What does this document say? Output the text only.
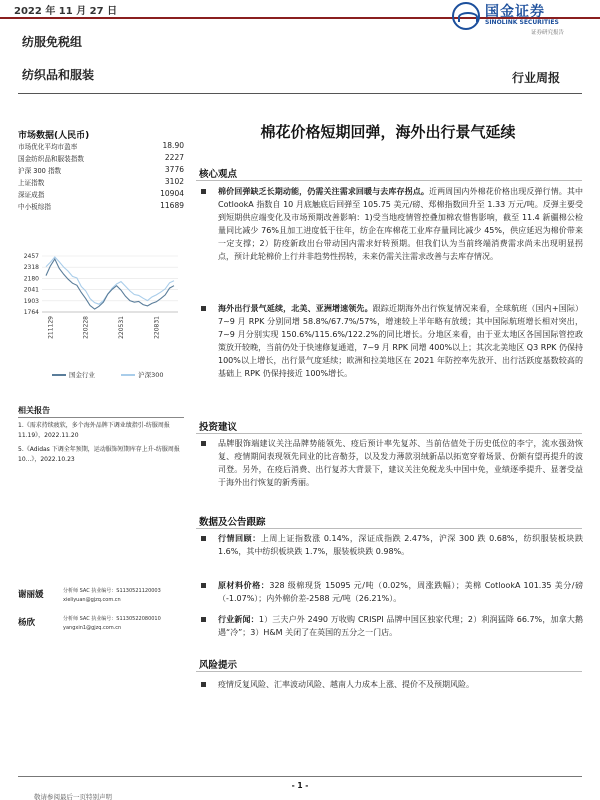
2022 年 11 月 27 日	国金证券
SINOLINK SECURITIES
证券研究报告
纺服免税组
纺织品和服装	行业周报
市场数据(人民币)
市场优化平均市盈率	18.90
国金纺织品和服装指数	2227
沪深 300 指数	3776
上证指数	3102
深证成指	10904
中小板综指	11689
2457
2318
2180
2041
1903
1764
211129	220228	220531	220831
国金行业	沪深300
相关报告
1.《需求持续疲软，多个海外品牌下调业绩指引-纺服周报 11.19》，2022.11.20
5.《Adidas 下调全年预期，运动服饰短期库存上升-纺服周报 10...》，2022.10.23
谢丽媛	分析师 SAC 执业编号：S1130521120003
xieliyuan@gjzq.com.cn
杨欣	分析师 SAC 执业编号：S1130522080010
yangxin1@gjzq.com.cn
棉花价格短期回弹，海外出行景气延续
核心观点
棉价回弹缺乏长期动能，仍需关注需求回暖与去库存拐点。近两周国内外棉花价格出现反弹行情。其中 CotlookA 指数自 10 月底触底后回弹至 105.75 美元/磅、郑棉指数回升至 1.33 万元/吨。反弹主要受到短期供应端变化及市场预期改善影响：1)受当地疫情管控叠加棉农惜售影响，截至 11.4 新疆棉公检量同比减少 76%且加工进度低于往年，纺企在库棉花工业库存量同比减少 45%，供应延迟为棉价带来一定支撑；2）防疫新政出台带动国内需求好转预期。但我们认为当前终端消费需求尚未出现明显拐点，预计此轮棉价上行并非趋势性拐转，未来仍需关注需求改善与去库存情况。
海外出行景气延续，北美、亚洲增速领先。跟踪近期海外出行恢复情况来看，全球航班（国内+国际）7~9 月 RPK 分别同增 58.8%/67.7%/57%，增速较上半年略有放缓；其中国际航班增长相对突出，7~9 月分别实现 150.6%/115.6%/122.2%的同比增长。分地区来看，由于亚太地区各国国际管控政策放开较晚，当前仍处于快速修复通道，7~9 月 RPK 同增 400%以上；其次北美地区 Q3 RPK 仍保持 100%以上增长，出行景气度延续；欧洲和拉美地区在 2021 年防控率先放开、出行活跃度基数较高的基础上 RPK 仍保持接近 100%增长。
投资建议
品牌服饰端建议关注品牌势能领先、疫后预计率先复苏、当前估值处于历史低位的李宁，流水强劲恢复、疫情期间表现领先同业的比音勒芬，以及发力薄款羽绒新品以拓宽穿着场景、份额有望再提升的波司登。另外，在疫后消费、出行复苏大背景下，建议关注免税龙头中国中免，业绩逐季提升、显著受益于海外出行恢复的新秀丽。
数据及公告跟踪
行情回顾：上周上证指数涨 0.14%，深证成指跌 2.47%，沪深 300 跌 0.68%，纺织服装板块跌 1.6%，其中纺织板块跌 1.7%，服装板块跌 0.98%。
原材料价格：328 级棉现货 15095 元/吨（0.02%，周涨跌幅）；美棉 CotlookA 101.35 美分/磅（-1.07%）；内外棉价差-2588 元/吨（26.21%）。
行业新闻：1）三夫户外 2490 万收购 CRISPI 品牌中国区独家代理；2）利润猛降 66.7%，加拿大鹅遇“冷”；3）H&M 关闭了在英国的五分之一门店。
风险提示
疫情反复风险、汇率波动风险、越南人力成本上涨、提价不及预期风险。
- 1 -
敬请参阅最后一页特别声明
